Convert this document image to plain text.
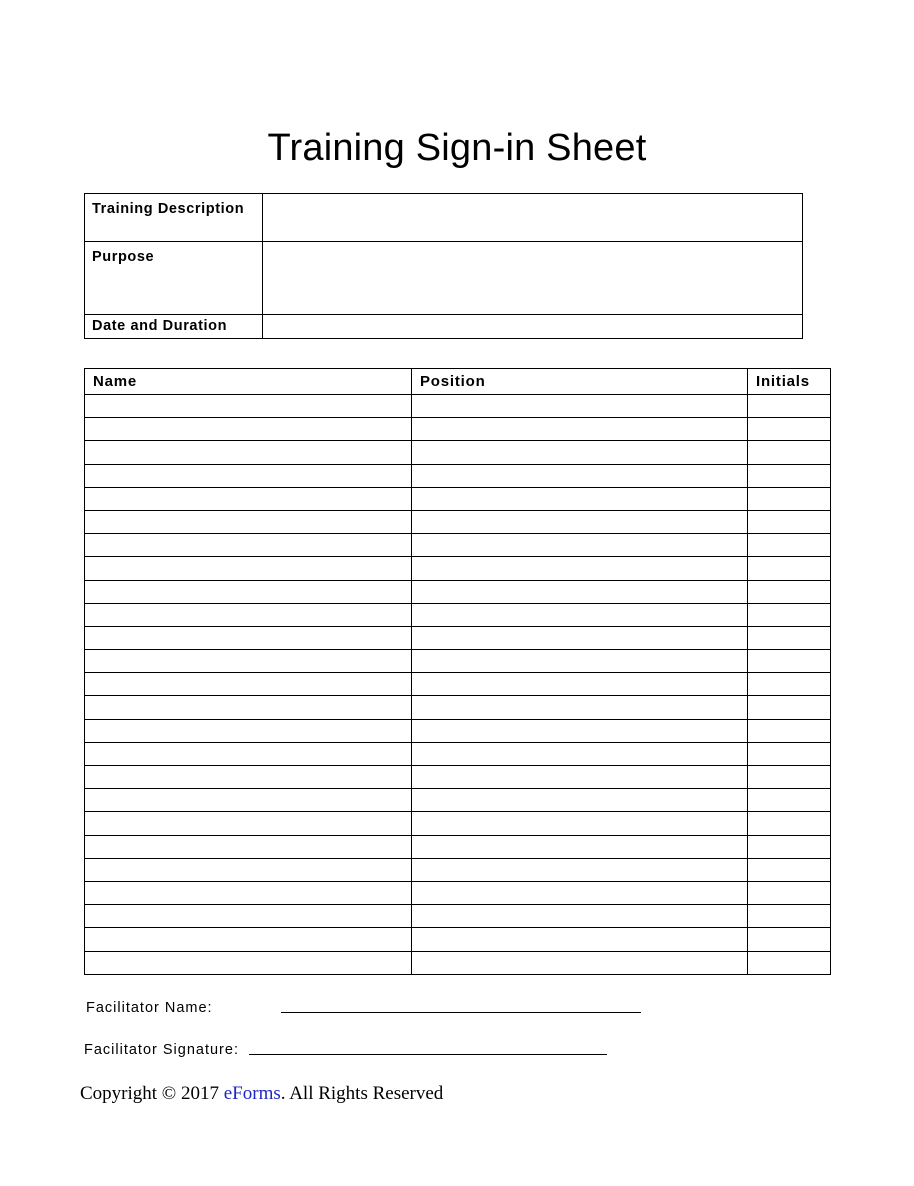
Training Sign-in Sheet
Training Description	
Purpose	
Date and Duration	
Name	Position	Initials

Facilitator Name:
Facilitator Signature:
Copyright © 2017 eForms. All Rights Reserved
